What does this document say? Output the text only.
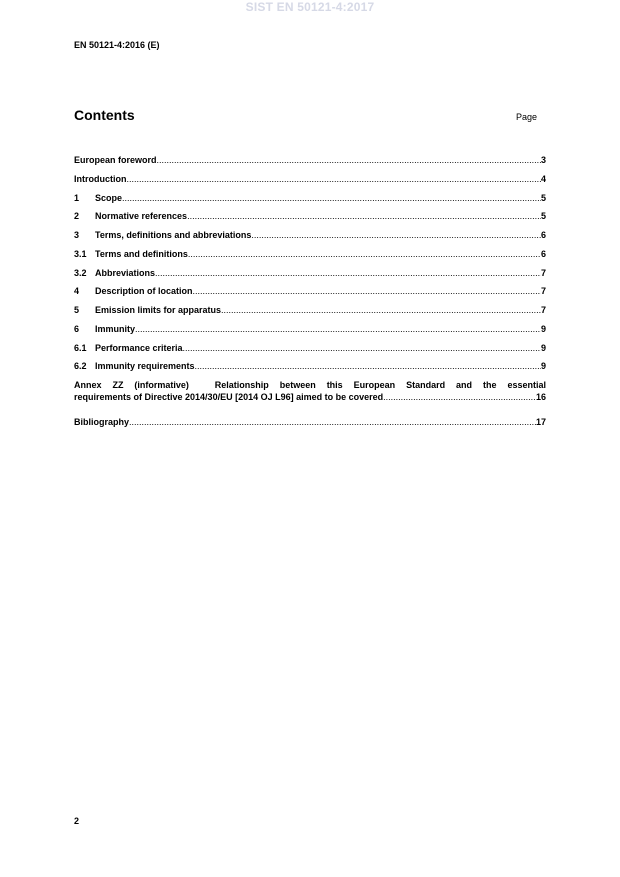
SIST EN 50121-4:2017
EN 50121-4:2016 (E)
Contents	Page
European foreword .....	3
Introduction .....	4
1	Scope .....	5
2	Normative references .....	5
3	Terms, definitions and abbreviations .....	6
3.1 Terms and definitions .....	6
3.2 Abbreviations .....	7
4	Description of location .....	7
5	Emission limits for apparatus .....	7
6	Immunity .....	9
6.1 Performance criteria .....	9
6.2 Immunity requirements .....	9
Annex ZZ (informative)	Relationship between this European Standard and the essential
requirements of Directive 2014/30/EU [2014 OJ L96] aimed to be covered .....	16
Bibliography .....	17
2
